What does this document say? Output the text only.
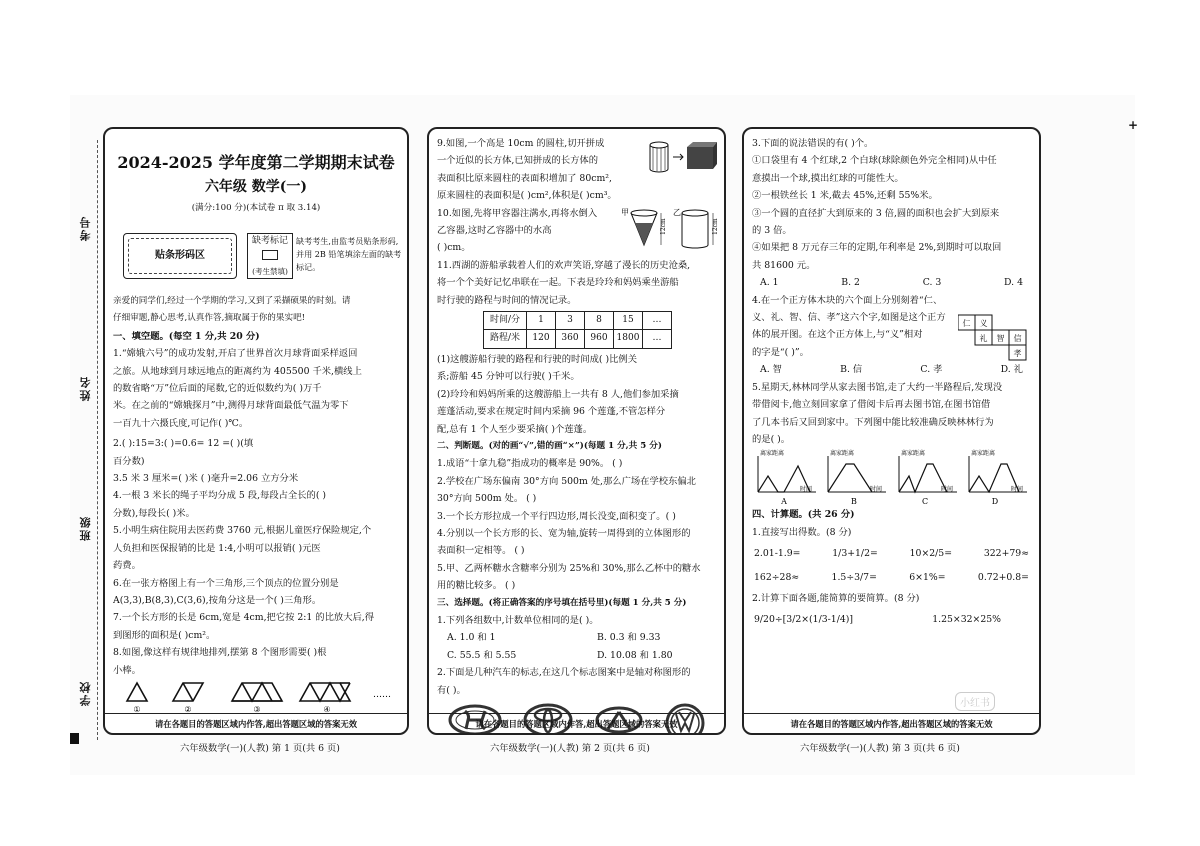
+
学校
班级
姓名
考号
2024-2025 学年度第二学期期末试卷
六年级 数学(一)
(满分:100 分)(本试卷 π 取 3.14)
贴条形码区
缺考标记
(考生禁填)
缺考考生,由监考员贴条形码,并用 2B 铅笔填涂左面的缺考标记。
亲爱的同学们,经过一个学期的学习,又到了采撷硕果的时刻。请
仔细审题,静心思考,认真作答,摘取属于你的果实吧!
一、填空题。(每空 1 分,共 20 分)
1.“嫦娥六号”的成功发射,开启了世界首次月球背面采样返回
之旅。从地球到月球远地点的距离约为 405500 千米,横线上
的数省略“万”位后面的尾数,它的近似数约为( )万千
米。在之前的“嫦娥探月”中,测得月球背面最低气温为零下
一百九十六摄氏度,可记作( )℃。
2.( ):15=3:( )=0.6= 12 =( )(填
百分数)
3.5 米 3 厘米=( )米 ( )毫升=2.06 立方分米
4.一根 3 米长的绳子平均分成 5 段,每段占全长的( )
分数),每段长( )米。
5.小明生病住院用去医药费 3760 元,根据儿童医疗保险规定,个
人负担和医保报销的比是 1:4,小明可以报销( )元医
药费。
6.在一张方格图上有一个三角形,三个顶点的位置分别是
A(3,3),B(8,3),C(3,6),按角分这是一个( )三角形。
7.一个长方形的长是 6cm,宽是 4cm,把它按 2:1 的比放大后,得
到图形的面积是( )cm²。
8.如图,像这样有规律地排列,摆第 8 个图形需要( )根
小棒。
①	②	③	④
……
请在各题目的答题区域内作答,超出答题区域的答案无效
六年级数学(一)(人教) 第 1 页(共 6 页)
9.如图,一个高是 10cm 的圆柱,切开拼成
一个近似的长方体,已知拼成的长方体的
表面积比原来圆柱的表面积增加了 80cm²,
原来圆柱的表面积是( )cm²,体积是( )cm³。
10.如图,先将甲容器注满水,再将水倒入
乙容器,这时乙容器中的水高
( )cm。
甲
12cm
乙
12cm
11.西湖的游船承载着人们的欢声笑语,穿越了漫长的历史沧桑,
将一个个美好记忆串联在一起。下表是玲玲和妈妈乘坐游船
时行驶的路程与时间的情况记录。
时间/分	1	3	8	15	…
路程/米	120	360	960	1800	…
(1)这艘游船行驶的路程和行驶的时间成( )比例关
系;游船 45 分钟可以行驶( )千米。
(2)玲玲和妈妈所乘的这艘游船上一共有 8 人,他们参加采摘
莲蓬活动,要求在规定时间内采摘 96 个莲蓬,不管怎样分
配,总有 1 个人至少要采摘( )个莲蓬。
二、判断题。(对的画“√”,错的画“×”)(每题 1 分,共 5 分)
1.成语“十拿九稳”指成功的概率是 90%。 ( )
2.学校在广场东偏南 30°方向 500m 处,那么广场在学校东偏北
30°方向 500m 处。 ( )
3.一个长方形拉成一个平行四边形,周长没变,面积变了。( )
4.分别以一个长方形的长、宽为轴,旋转一周得到的立体图形的
表面积一定相等。 ( )
5.甲、乙两杯糖水含糖率分别为 25%和 30%,那么乙杯中的糖水
用的糖比较多。 ( )
三、选择题。(将正确答案的序号填在括号里)(每题 1 分,共 5 分)
1.下列各组数中,计数单位相同的是( )。
A. 1.0 和 1	B. 0.3 和 9.33
C. 55.5 和 5.55	D. 10.08 和 1.80
2.下面是几种汽车的标志,在这几个标志图案中是轴对称图形的
有( )。
请在各题目的答题区域内作答,超出答题区域的答案无效
六年级数学(一)(人教) 第 2 页(共 6 页)
3.下面的说法错误的有( )个。
①口袋里有 4 个红球,2 个白球(球除颜色外完全相同)从中任
意摸出一个球,摸出红球的可能性大。
②一根铁丝长 1 米,截去 45%,还剩 55%米。
③一个圆的直径扩大到原来的 3 倍,圆的面积也会扩大到原来
的 3 倍。
④如果把 8 万元存三年的定期,年利率是 2%,到期时可以取回
共 81600 元。
A. 1	B. 2	C. 3	D. 4
4.在一个正方体木块的六个面上分别刻着“仁、
义、礼、智、信、孝”这六个字,如图是这个正方
体的展开图。在这个正方体上,与“义”相对
的字是“( )”。
仁 义
礼 智 信
孝
A. 智	B. 信	C. 孝	D. 礼
5.星期天,林林同学从家去图书馆,走了大约一半路程后,发现没
带借阅卡,他立刻回家拿了借阅卡后再去图书馆,在图书馆借
了几本书后又回到家中。下列图中能比较准确反映林林行为
的是( )。
离家距离
时间
A
离家距离
时间
B
离家距离
时间
C
离家距离
时间
D
四、计算题。(共 26 分)
1.直接写出得数。(8 分)
2.01-1.9=	1/3+1/2=	10×2/5=	322+79≈
162÷28≈	1.5÷3/7=	6×1%=	0.72+0.8=
2.计算下面各题,能简算的要简算。(8 分)
9/20÷[3/2×(1/3-1/4)]	1.25×32×25%
请在各题目的答题区域内作答,超出答题区域的答案无效
六年级数学(一)(人教) 第 3 页(共 6 页)
小红书
